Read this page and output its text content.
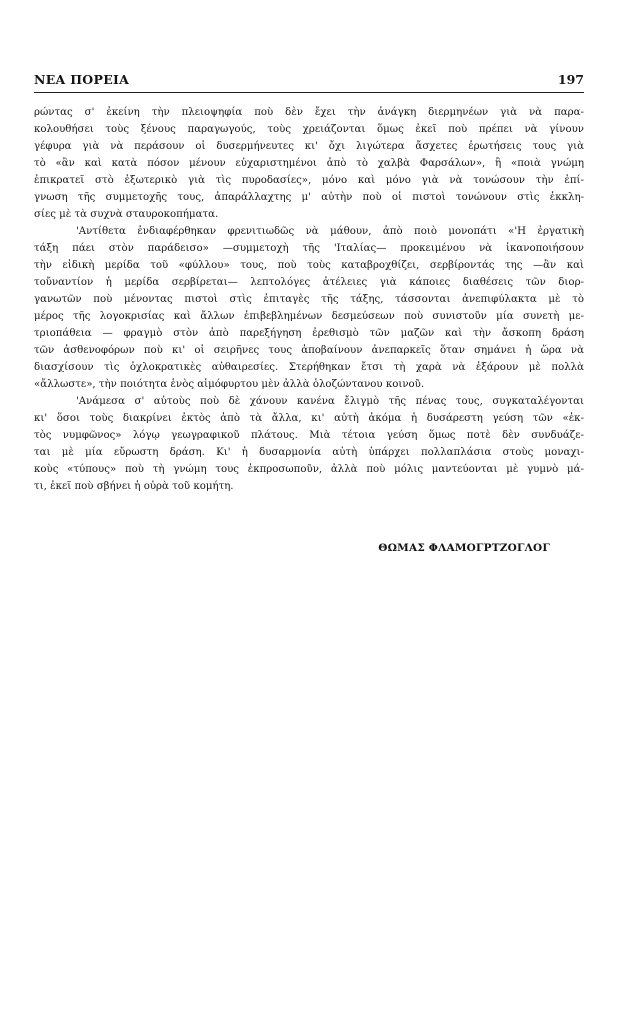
ΝΕΑ ΠΟΡΕΙΑ	197
ρώντας σ' ἐκείνη τὴν πλειοψηφία ποὺ δὲν ἔχει τὴν ἀνάγκη διερμηνέων γιὰ νὰ παρα-
κολουθήσει τοὺς ξένους παραγωγούς, τοὺς χρειάζονται ὅμως ἐκεῖ ποὺ πρέπει νὰ γίνουν
γέφυρα γιὰ νὰ περάσουν οἱ δυσερμήνευτες κι' ὄχι λιγώτερα ἄσχετες ἐρωτήσεις τους γιὰ
τὸ «ἂν καὶ κατὰ πόσον μένουν εὐχαριστημένοι ἀπὸ τὸ χαλβὰ Φαρσάλων», ἢ «ποιὰ γνώμη
ἐπικρατεῖ στὸ ἐξωτερικὸ γιὰ τὶς πυροδασίες», μόνο καὶ μόνο γιὰ νὰ τονώσουν τὴν ἐπί-
γνωση τῆς συμμετοχῆς τους, ἀπαράλλαχτης μ' αὐτὴν ποὺ οἱ πιστοὶ τονώνουν στὶς ἐκκλη-
σίες μὲ τὰ συχνὰ σταυροκοπήματα.
'Αντίθετα ἐνδιαφέρθηκαν φρενιτιωδῶς νὰ μάθουν, ἀπὸ ποιὸ μονοπάτι «'Η ἐργατικὴ
τάξη πάει στὸν παράδεισο» —συμμετοχὴ τῆς 'Ιταλίας— προκειμένου νὰ ἱκανοποιήσουν
τὴν εἰδικὴ μερίδα τοῦ «φύλλου» τους, ποὺ τοὺς καταβροχθίζει, σερβίροντάς της —ἂν καὶ
τοὔναντίον ἡ μερίδα σερβίρεται— λεπτολόγες ἀτέλειες γιὰ κάποιες διαθέσεις τῶν διορ-
γανωτῶν ποὺ μένοντας πιστοὶ στὶς ἐπιταγὲς τῆς τάξης, τάσσονται ἀνεπιφύλακτα μὲ τὸ
μέρος τῆς λογοκρισίας καὶ ἄλλων ἐπιβεβλημένων δεσμεύσεων ποὺ συνιστοῦν μία συνετὴ με-
τριοπάθεια — φραγμὸ στὸν ἀπὸ παρεξήγηση ἐρεθισμὸ τῶν μαζῶν καὶ τὴν ἄσκοπη δράση
τῶν ἀσθενοφόρων ποὺ κι' οἱ σειρῆνες τους ἀποβαίνουν ἀνεπαρκεῖς ὅταν σημάνει ἡ ὥρα νὰ
διασχίσουν τὶς ὀχλοκρατικὲς αὐθαιρεσίες. Στερήθηκαν ἔτσι τὴ χαρὰ νὰ ἐξάρουν μὲ πολλὰ
«ἄλλωστε», τὴν ποιότητα ἑνὸς αἱμόφυρτου μὲν ἀλλὰ ὁλοζώντανου κοινοῦ.
'Ανάμεσα σ' αὐτοὺς ποὺ δὲ χάνουν κανένα ἔλιγμὸ τῆς πένας τους, συγκαταλέγονται
κι' ὅσοι τοὺς διακρίνει ἐκτὸς ἀπὸ τὰ ἄλλα, κι' αὐτὴ ἀκόμα ἡ δυσάρεστη γεύση τῶν «ἐκ-
τὸς νυμφῶνος» λόγῳ γεωγραφικοῦ πλάτους. Μιὰ τέτοια γεύση ὅμως ποτὲ δὲν συνδυάζε-
ται μὲ μία εὔρωστη δράση. Κι' ἡ δυσαρμονία αὐτὴ ὑπάρχει πολλαπλάσια στοὺς μοναχι-
κοὺς «τύπους» ποὺ τὴ γνώμη τους ἐκπροσωποῦν, ἀλλὰ ποὺ μόλις μαντεύονται μὲ γυμνὸ μά-
τι, ἐκεῖ ποὺ σβήνει ἡ οὐρὰ τοῦ κομήτη.
ΘΩΜΑΣ ΦΛΑΜΟΓΡΤΖΟΓΛΟΓ
